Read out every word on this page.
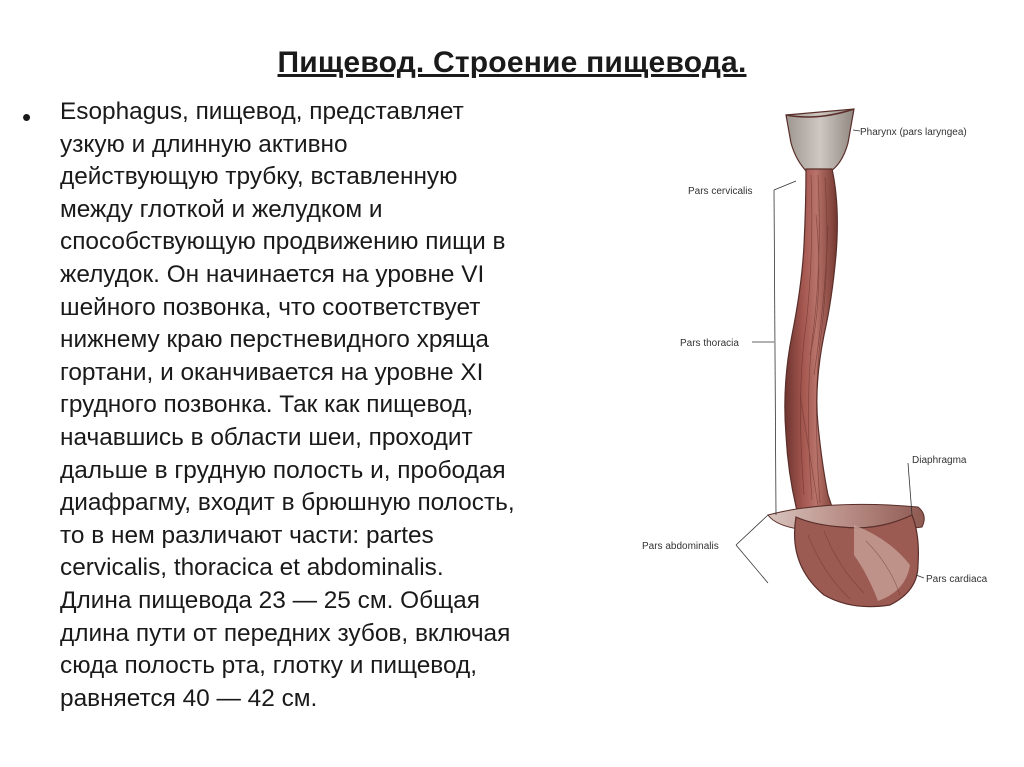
Пищевод. Строение пищевода.
• Esophagus, пищевод, представляет
узкую и длинную активно
действующую трубку, вставленную
между глоткой и желудком и
способствующую продвижению пищи в
желудок. Он начинается на уровне VI
шейного позвонка, что соответствует
нижнему краю перстневидного хряща
гортани, и оканчивается на уровне XI
грудного позвонка. Так как пищевод,
начавшись в области шеи, проходит
дальше в грудную полость и, прободая
диафрагму, входит в брюшную полость,
то в нем различают части: partes
cervicalis, thoracica et abdominalis.
Длина пищевода 23 — 25 см. Общая
длина пути от передних зубов, включая
сюда полость рта, глотку и пищевод,
равняется 40 — 42 см.
Pharynx (pars laryngea)
Pars cervicalis
Pars thoracia
Diaphragma
Pars abdominalis
Pars cardiaca
